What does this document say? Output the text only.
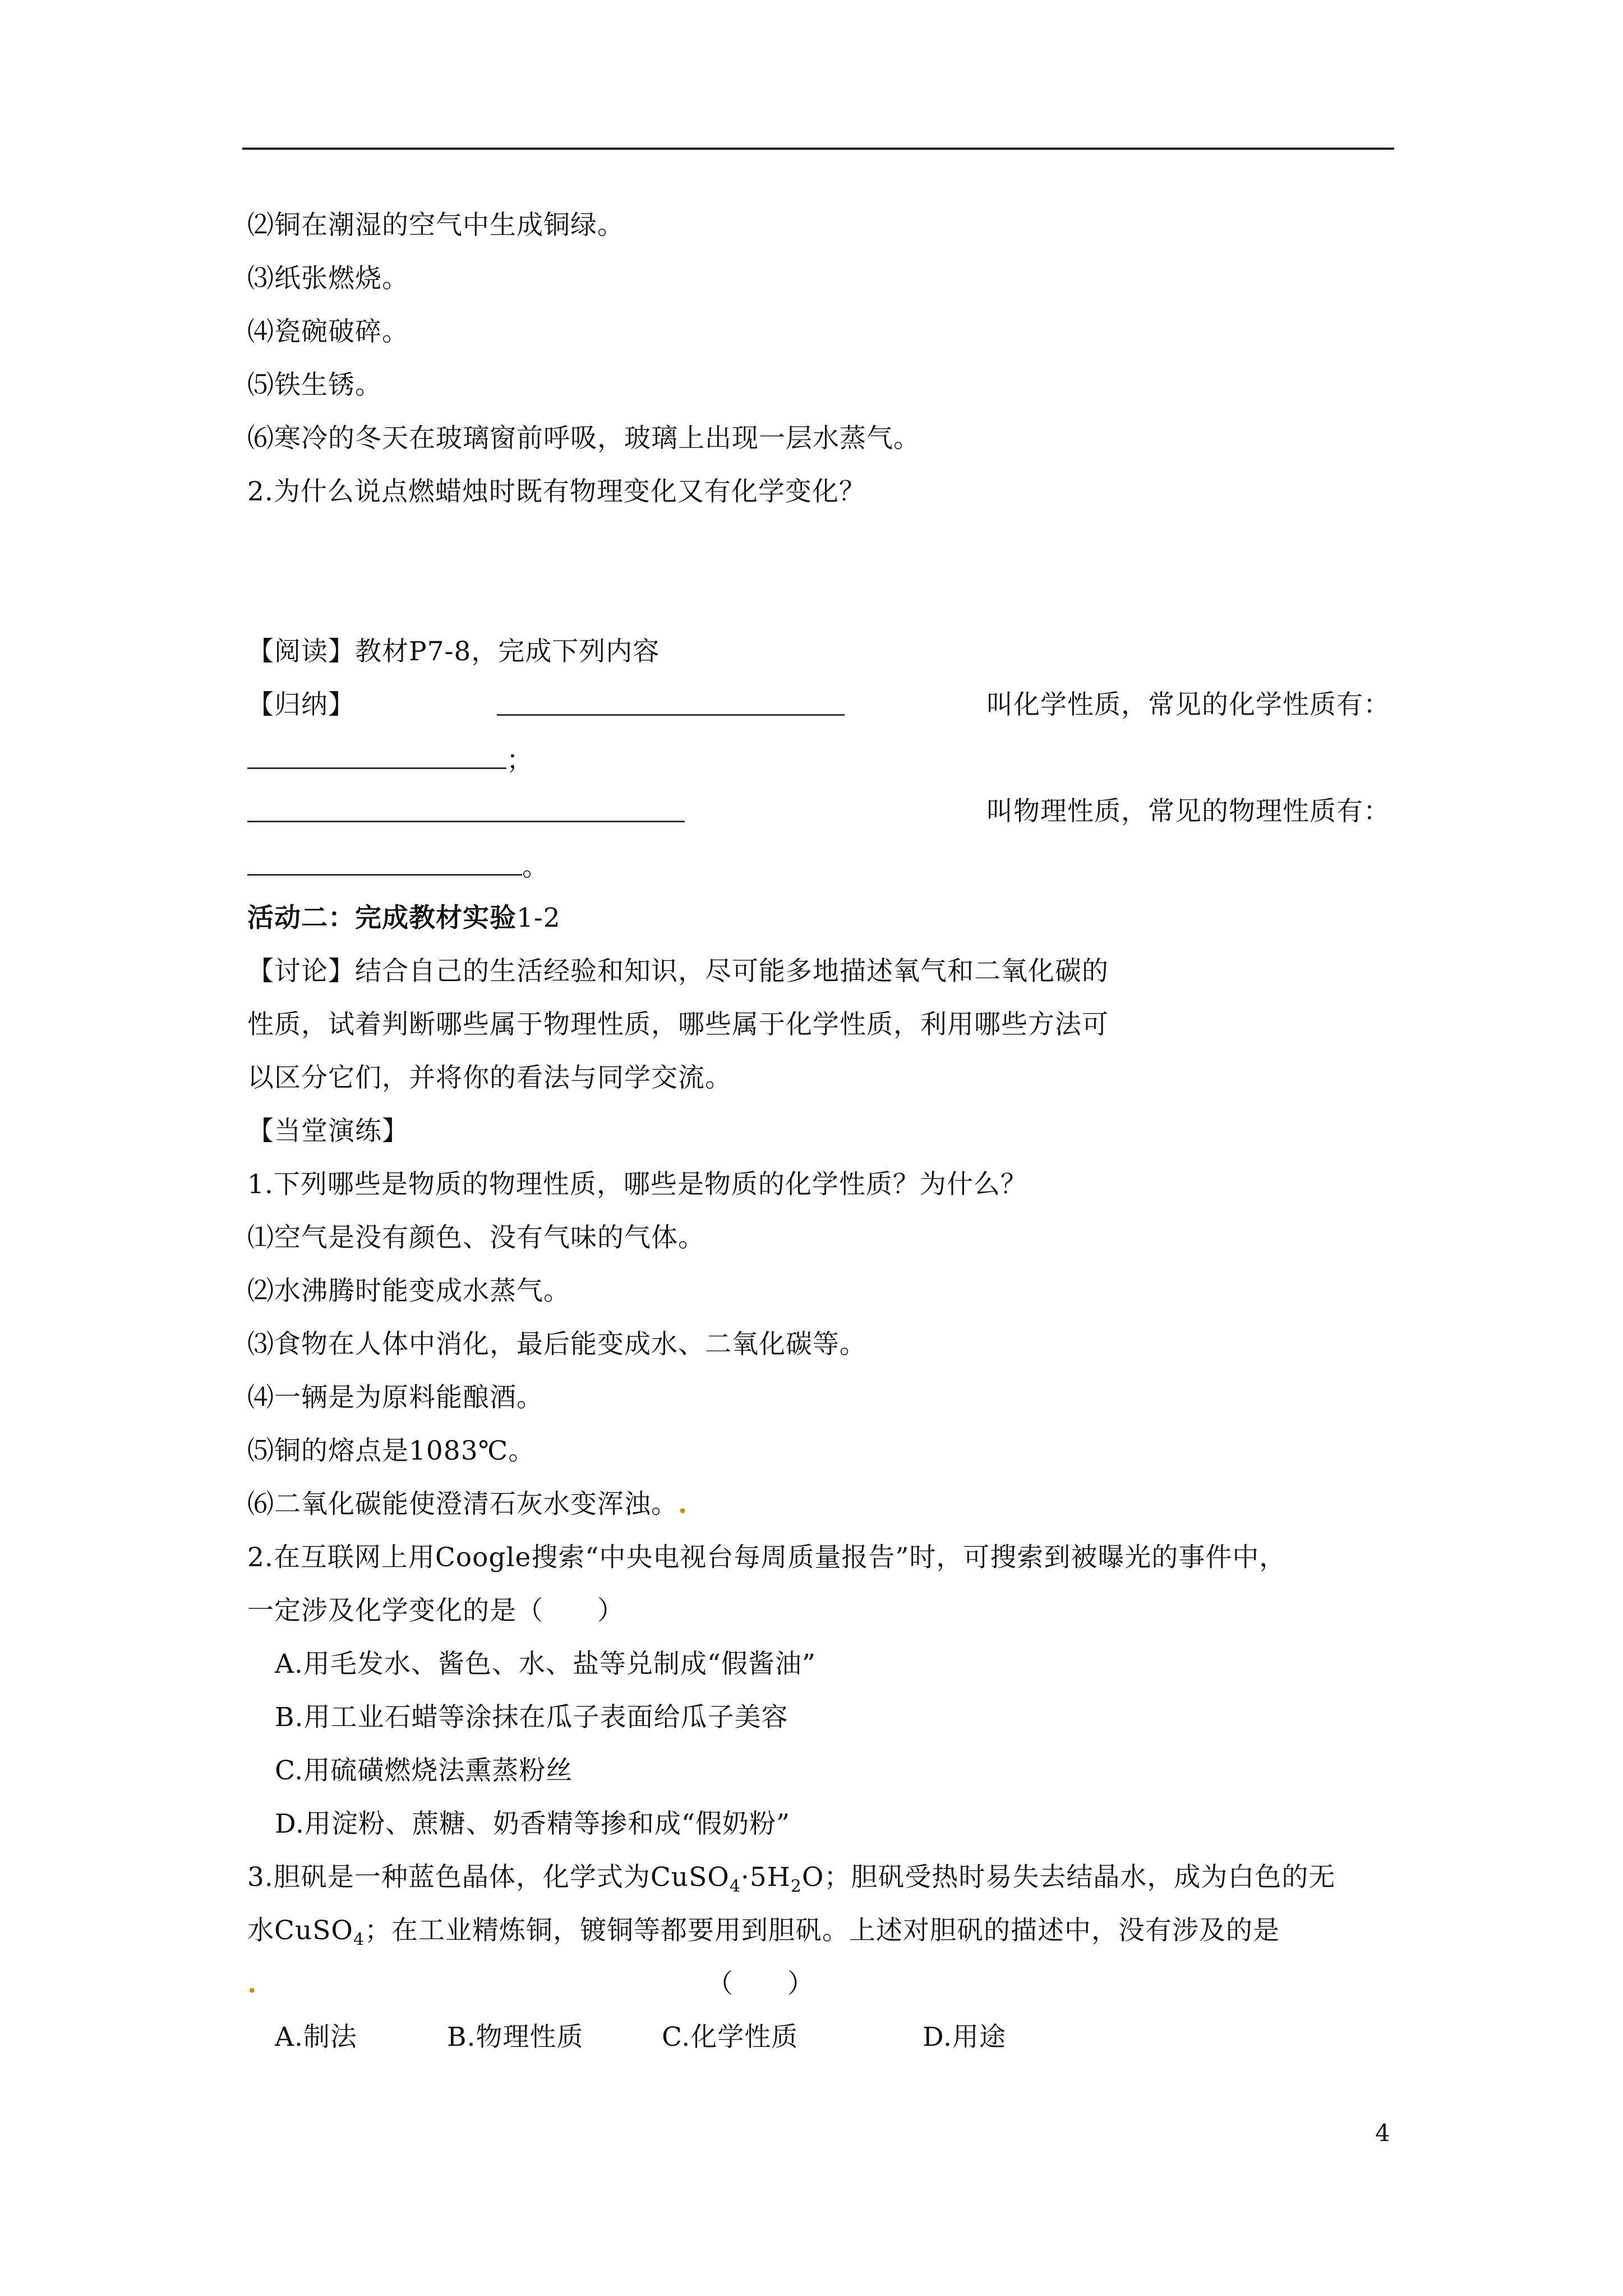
⑵铜在潮湿的空气中生成铜绿。
⑶纸张燃烧。
⑷瓷碗破碎。
⑸铁生锈。
⑹寒冷的冬天在玻璃窗前呼吸，玻璃上出现一层水蒸气。
2.为什么说点燃蜡烛时既有物理变化又有化学变化？
【阅读】教材P7-8，完成下列内容
【归纳】	叫化学性质，常见的化学性质有：
；
叫物理性质，常见的物理性质有：
。
活动二：完成教材实验1-2
【讨论】结合自己的生活经验和知识，尽可能多地描述氧气和二氧化碳的
性质，试着判断哪些属于物理性质，哪些属于化学性质，利用哪些方法可
以区分它们，并将你的看法与同学交流。
【当堂演练】
1.下列哪些是物质的物理性质，哪些是物质的化学性质？为什么？
⑴空气是没有颜色、没有气味的气体。
⑵水沸腾时能变成水蒸气。
⑶食物在人体中消化，最后能变成水、二氧化碳等。
⑷一辆是为原料能酿酒。
⑸铜的熔点是1083℃。
⑹二氧化碳能使澄清石灰水变浑浊。.
2.在互联网上用Coogle搜索“中央电视台每周质量报告”时，可搜索到被曝光的事件中，
一定涉及化学变化的是（　　）
A.用毛发水、酱色、水、盐等兑制成“假酱油”
B.用工业石蜡等涂抹在瓜子表面给瓜子美容
C.用硫磺燃烧法熏蒸粉丝
D.用淀粉、蔗糖、奶香精等掺和成“假奶粉”
3.胆矾是一种蓝色晶体，化学式为$CuSO_4\cdot 5H_2O$；胆矾受热时易失去结晶水，成为白色的无
水CuSO$_4$；在工业精炼铜，镀铜等都要用到胆矾。上述对胆矾的描述中，没有涉及的是
.	（　　）
A.制法	B.物理性质	C.化学性质	D.用途
4
